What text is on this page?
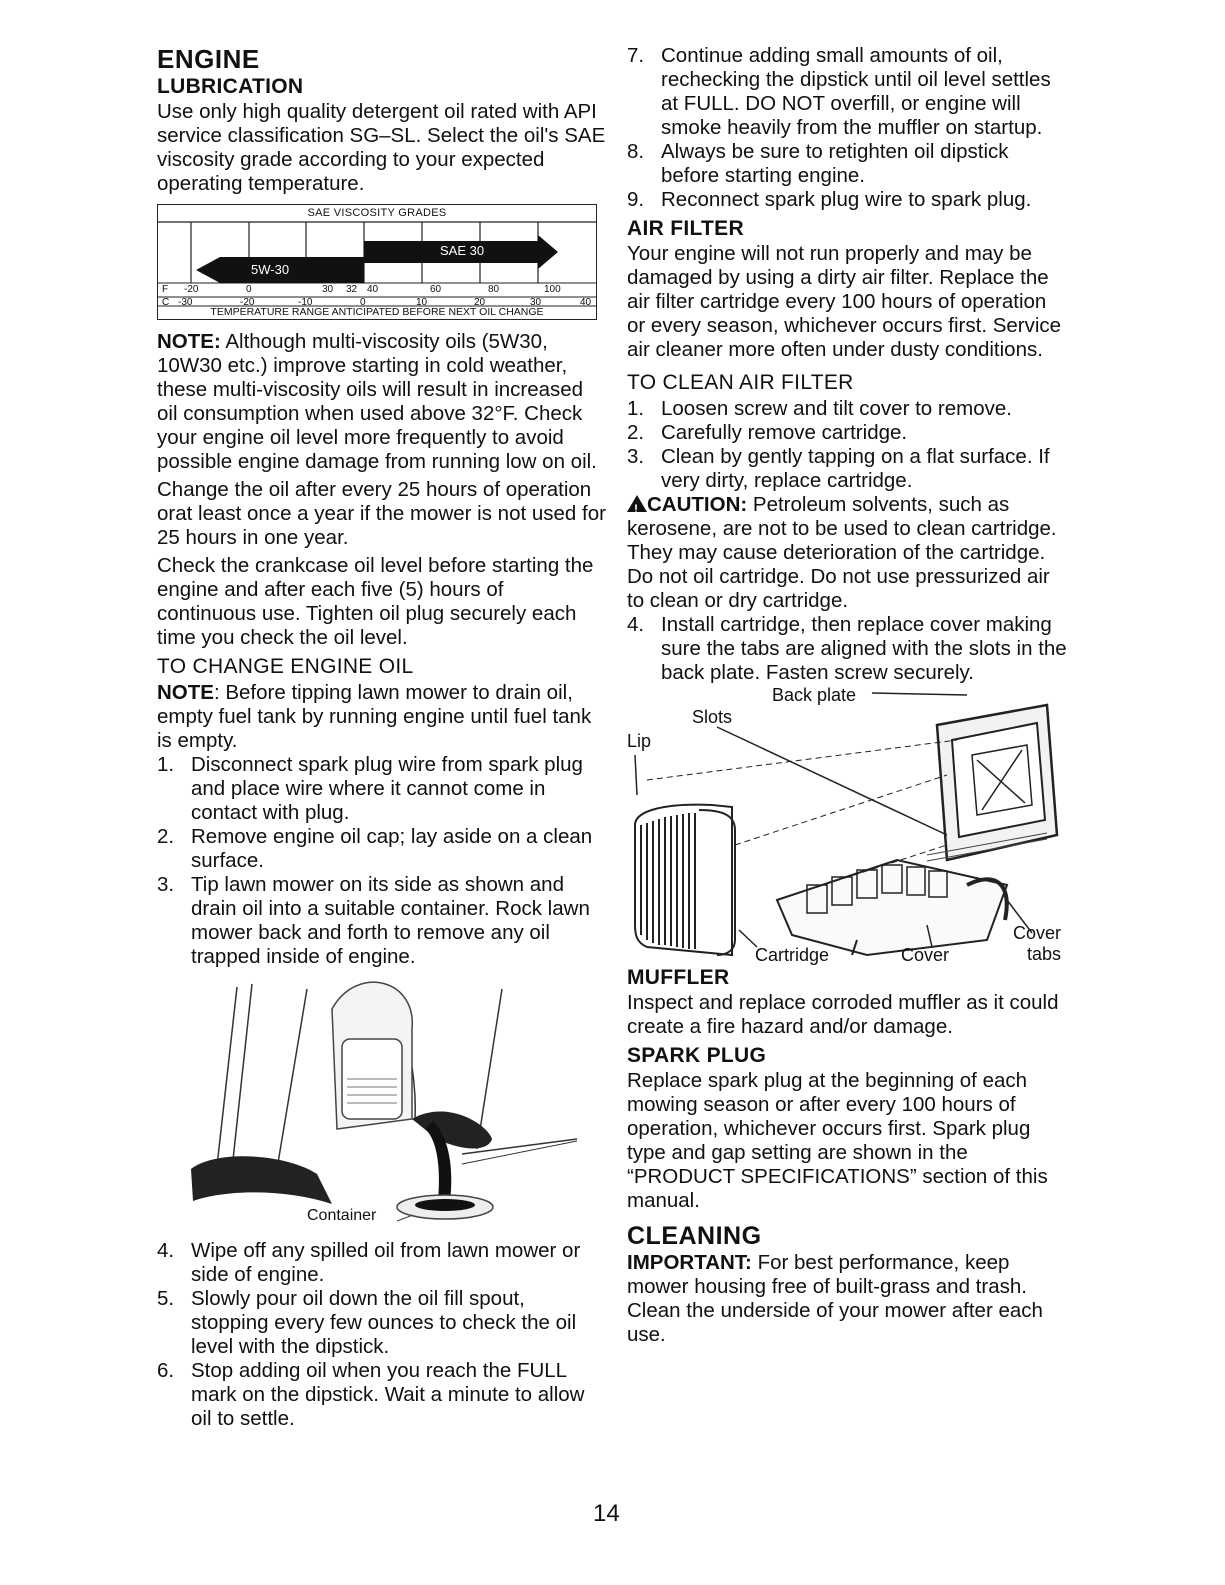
ENGINE
LUBRICATION

Use only high quality detergent oil rated with API service classification SG–SL. Select the oil's SAE viscosity grade according to your expected operating temperature.

SAE VISCOSITY GRADES
5W-30
SAE 30
F -20	0	30 32 40	60	80	100
C -30	-20	-10	0	10	20	30	40
TEMPERATURE RANGE ANTICIPATED BEFORE NEXT OIL CHANGE

NOTE: Although multi-viscosity oils (5W30, 10W30 etc.) improve starting in cold weather, these multi-viscosity oils will result in increased oil consumption when used above 32°F. Check your engine oil level more frequently to avoid possible engine damage from running low on oil.

Change the oil after every 25 hours of operation orat least once a year if the mower is not used for 25 hours in one year.

Check the crankcase oil level before starting the engine and after each five (5) hours of continuous use. Tighten oil plug securely each time you check the oil level.

TO CHANGE ENGINE OIL

NOTE: Before tipping lawn mower to drain oil, empty fuel tank by running engine until fuel tank is empty.

1. Disconnect spark plug wire from spark plug and place wire where it cannot come in contact with plug.
2. Remove engine oil cap; lay aside on a clean surface.
3. Tip lawn mower on its side as shown and drain oil into a suitable container. Rock lawn mower back and forth to remove any oil trapped inside of engine.
Container
4. Wipe off any spilled oil from lawn mower or side of engine.
5. Slowly pour oil down the oil fill spout, stopping every few ounces to check the oil level with the dipstick.
6. Stop adding oil when you reach the FULL mark on the dipstick. Wait a minute to allow oil to settle.
7. Continue adding small amounts of oil, rechecking the dipstick until oil level settles at FULL. DO NOT overfill, or engine will smoke heavily from the muffler on startup.
8. Always be sure to retighten oil dipstick before starting engine.
9. Reconnect spark plug wire to spark plug.
AIR FILTER

Your engine will not run properly and may be damaged by using a dirty air filter. Replace the air filter cartridge every 100 hours of operation or every season, whichever occurs first. Service air cleaner more often under dusty conditions.

TO CLEAN AIR FILTER
1. Loosen screw and tilt cover to remove.
2. Carefully remove cartridge.
3. Clean by gently tapping on a flat surface. If very dirty, replace cartridge.

!CAUTION: Petroleum solvents, such as kerosene, are not to be used to clean cartridge. They may cause deterioration of the cartridge. Do not oil cartridge. Do not use pressurized air to clean or dry cartridge.

4. Install cartridge, then replace cover making sure the tabs are aligned with the slots in the back plate. Fasten screw securely.
Back plate
Slots
Lip
Cartridge	Cover
Cover
tabs
MUFFLER

Inspect and replace corroded muffler as it could create a fire hazard and/or damage.

SPARK PLUG

Replace spark plug at the beginning of each mowing season or after every 100 hours of operation, whichever occurs first. Spark plug type and gap setting are shown in the “PRODUCT SPECIFICATIONS” section of this manual.

CLEANING

IMPORTANT: For best performance, keep mower housing free of built-grass and trash. Clean the underside of your mower after each use.

14
